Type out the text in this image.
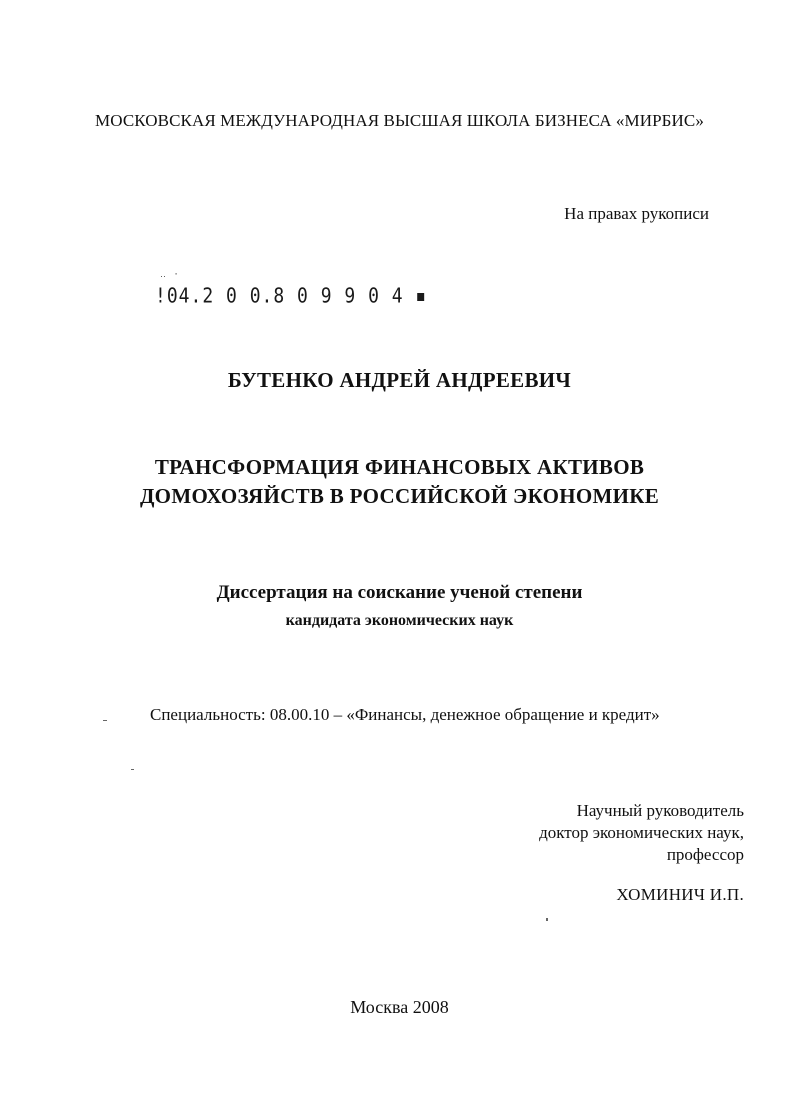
МОСКОВСКАЯ МЕЖДУНАРОДНАЯ ВЫСШАЯ ШКОЛА БИЗНЕСА «МИРБИС»
На правах рукописи
‥ ·
!04.2 0 0.8 0 9 9 0 4 ▪
БУТЕНКО АНДРЕЙ АНДРЕЕВИЧ
ТРАНСФОРМАЦИЯ ФИНАНСОВЫХ АКТИВОВ
ДОМОХОЗЯЙСТВ В РОССИЙСКОЙ ЭКОНОМИКЕ
Диссертация на соискание ученой степени
кандидата экономических наук
Специальность: 08.00.10 – «Финансы, денежное обращение и кредит»
Научный руководитель
доктор экономических наук,
профессор
ХОМИНИЧ И.П.
Москва 2008
